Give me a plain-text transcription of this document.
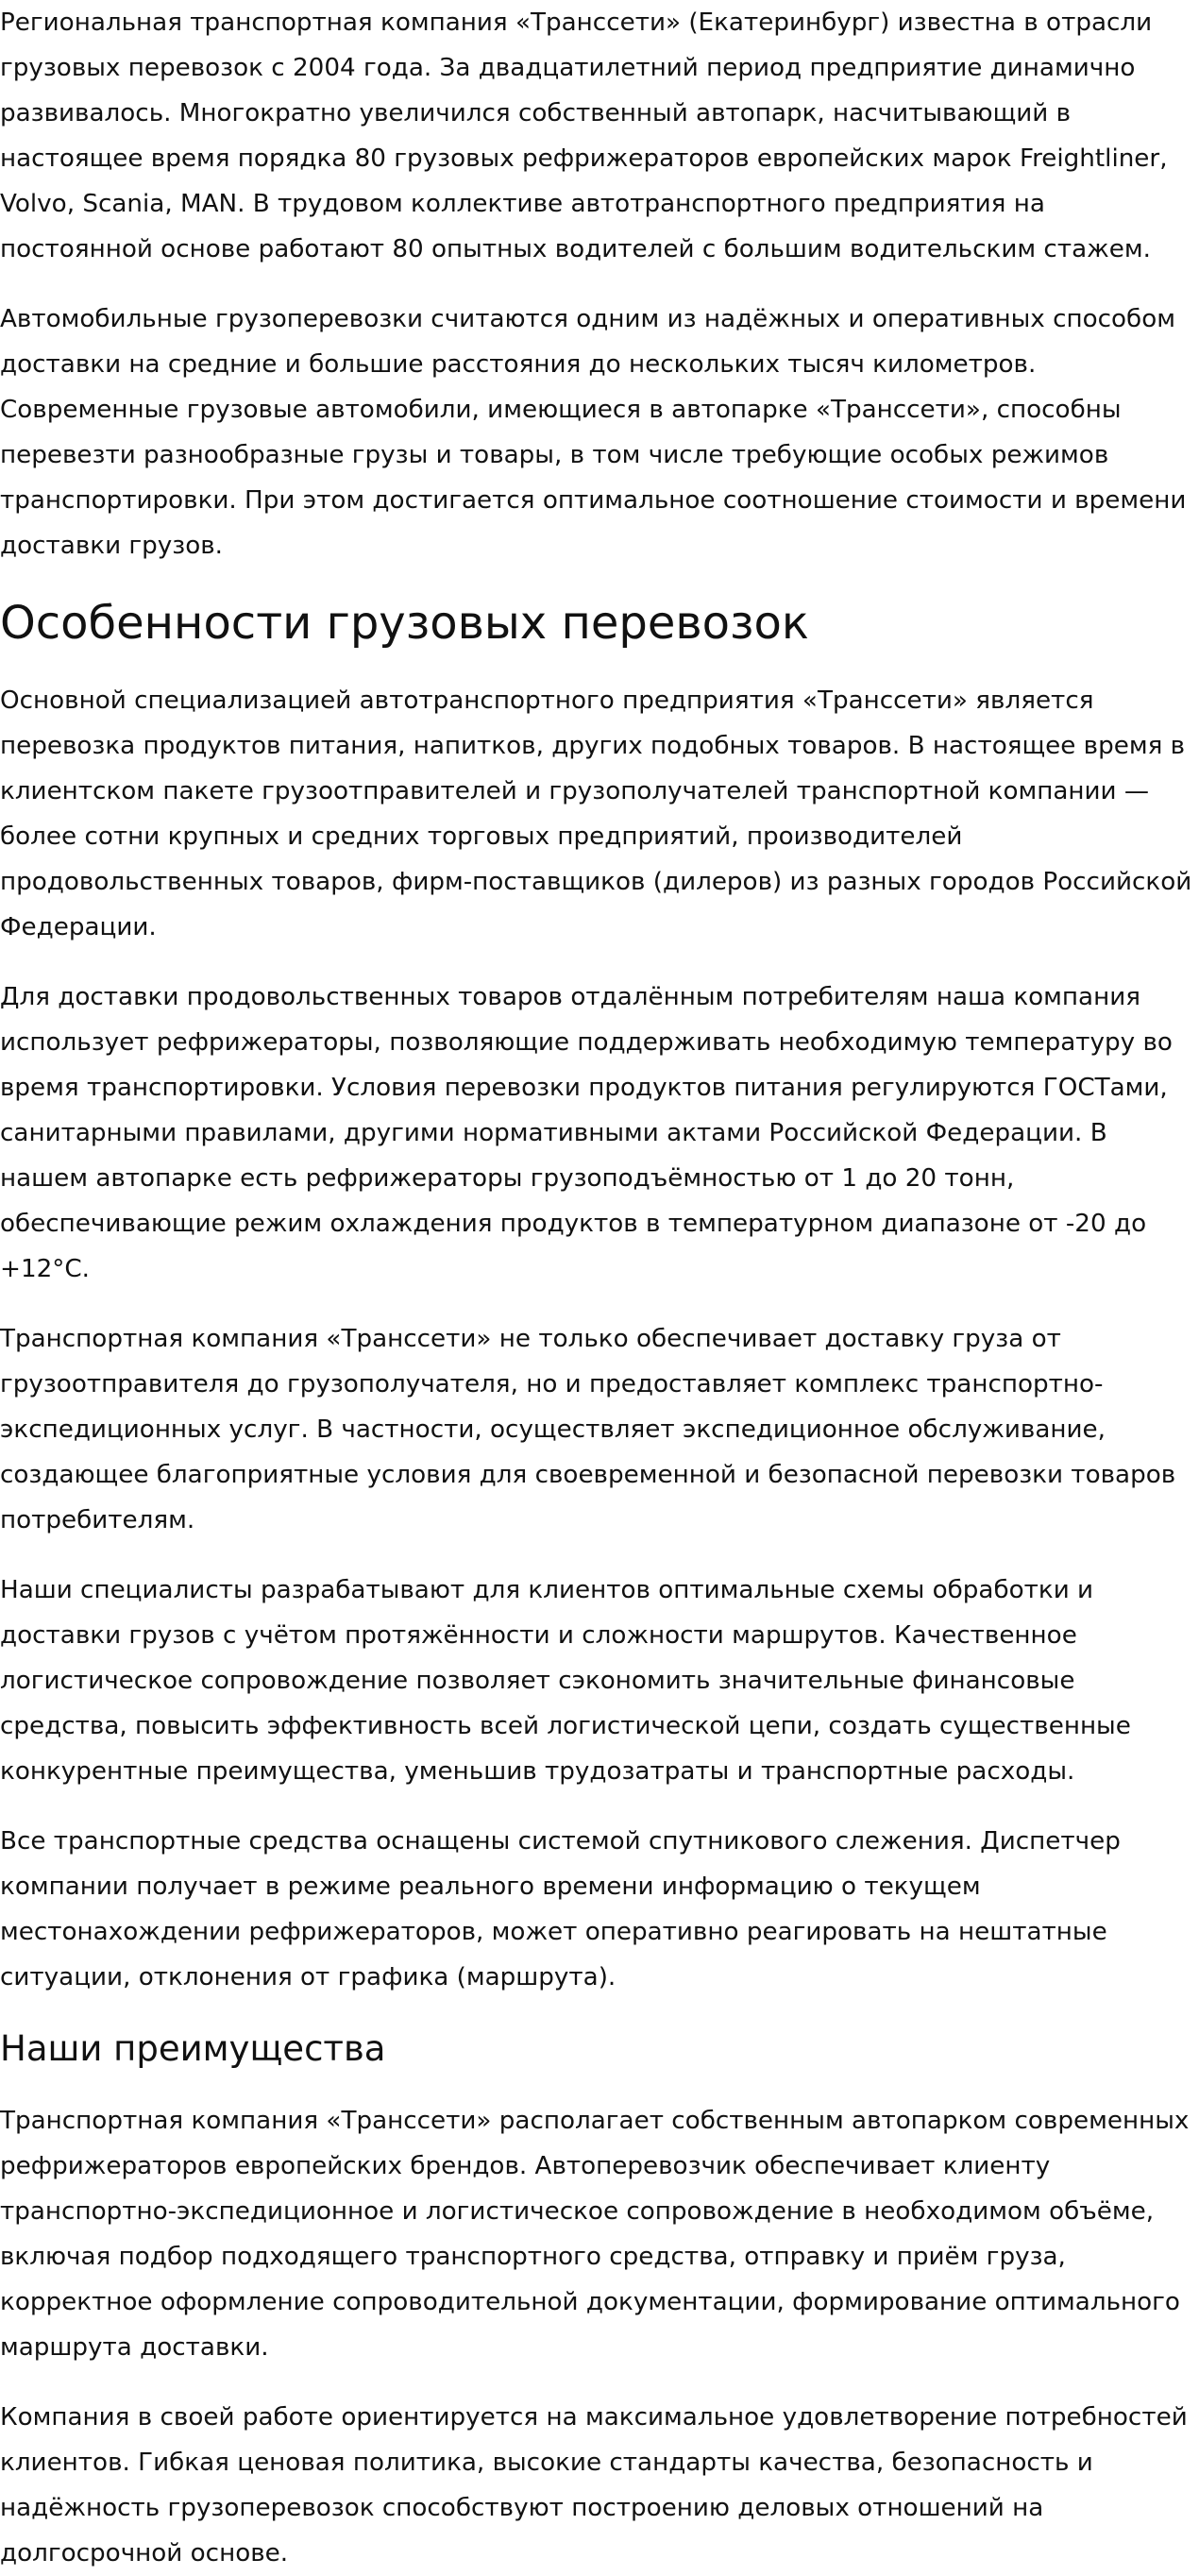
Региональная транспортная компания «Транссети» (Екатеринбург) известна в отрасли грузовых перевозок с 2004 года. За двадцатилетний период предприятие динамично развивалось. Многократно увеличился собственный автопарк, насчитывающий в настоящее время порядка 80 грузовых рефрижераторов европейских марок Freightliner, Volvo, Scania, MAN. В трудовом коллективе автотранспортного предприятия на постоянной основе работают 80 опытных водителей с большим водительским стажем.

Автомобильные грузоперевозки считаются одним из надёжных и оперативных способом доставки на средние и большие расстояния до нескольких тысяч километров. Современные грузовые автомобили, имеющиеся в автопарке «Транссети», способны перевезти разнообразные грузы и товары, в том числе требующие особых режимов транспортировки. При этом достигается оптимальное соотношение стоимости и времени доставки грузов.

Особенности грузовых перевозок

Основной специализацией автотранспортного предприятия «Транссети» является перевозка продуктов питания, напитков, других подобных товаров. В настоящее время в клиентском пакете грузоотправителей и грузополучателей транспортной компании — более сотни крупных и средних торговых предприятий, производителей продовольственных товаров, фирм-поставщиков (дилеров) из разных городов Российской Федерации.

Для доставки продовольственных товаров отдалённым потребителям наша компания использует рефрижераторы, позволяющие поддерживать необходимую температуру во время транспортировки. Условия перевозки продуктов питания регулируются ГОСТами, санитарными правилами, другими нормативными актами Российской Федерации. В нашем автопарке есть рефрижераторы грузоподъёмностью от 1 до 20 тонн, обеспечивающие режим охлаждения продуктов в температурном диапазоне от -20 до +12°C.

Транспортная компания «Транссети» не только обеспечивает доставку груза от грузоотправителя до грузополучателя, но и предоставляет комплекс транспортно-экспедиционных услуг. В частности, осуществляет экспедиционное обслуживание, создающее благоприятные условия для своевременной и безопасной перевозки товаров потребителям.

Наши специалисты разрабатывают для клиентов оптимальные схемы обработки и доставки грузов с учётом протяжённости и сложности маршрутов. Качественное логистическое сопровождение позволяет сэкономить значительные финансовые средства, повысить эффективность всей логистической цепи, создать существенные конкурентные преимущества, уменьшив трудозатраты и транспортные расходы.

Все транспортные средства оснащены системой спутникового слежения. Диспетчер компании получает в режиме реального времени информацию о текущем местонахождении рефрижераторов, может оперативно реагировать на нештатные ситуации, отклонения от графика (маршрута).

Наши преимущества

Транспортная компания «Транссети» располагает собственным автопарком современных рефрижераторов европейских брендов. Автоперевозчик обеспечивает клиенту транспортно-экспедиционное и логистическое сопровождение в необходимом объёме, включая подбор подходящего транспортного средства, отправку и приём груза, корректное оформление сопроводительной документации, формирование оптимального маршрута доставки.

Компания в своей работе ориентируется на максимальное удовлетворение потребностей клиентов. Гибкая ценовая политика, высокие стандарты качества, безопасность и надёжность грузоперевозок способствуют построению деловых отношений на долгосрочной основе.
